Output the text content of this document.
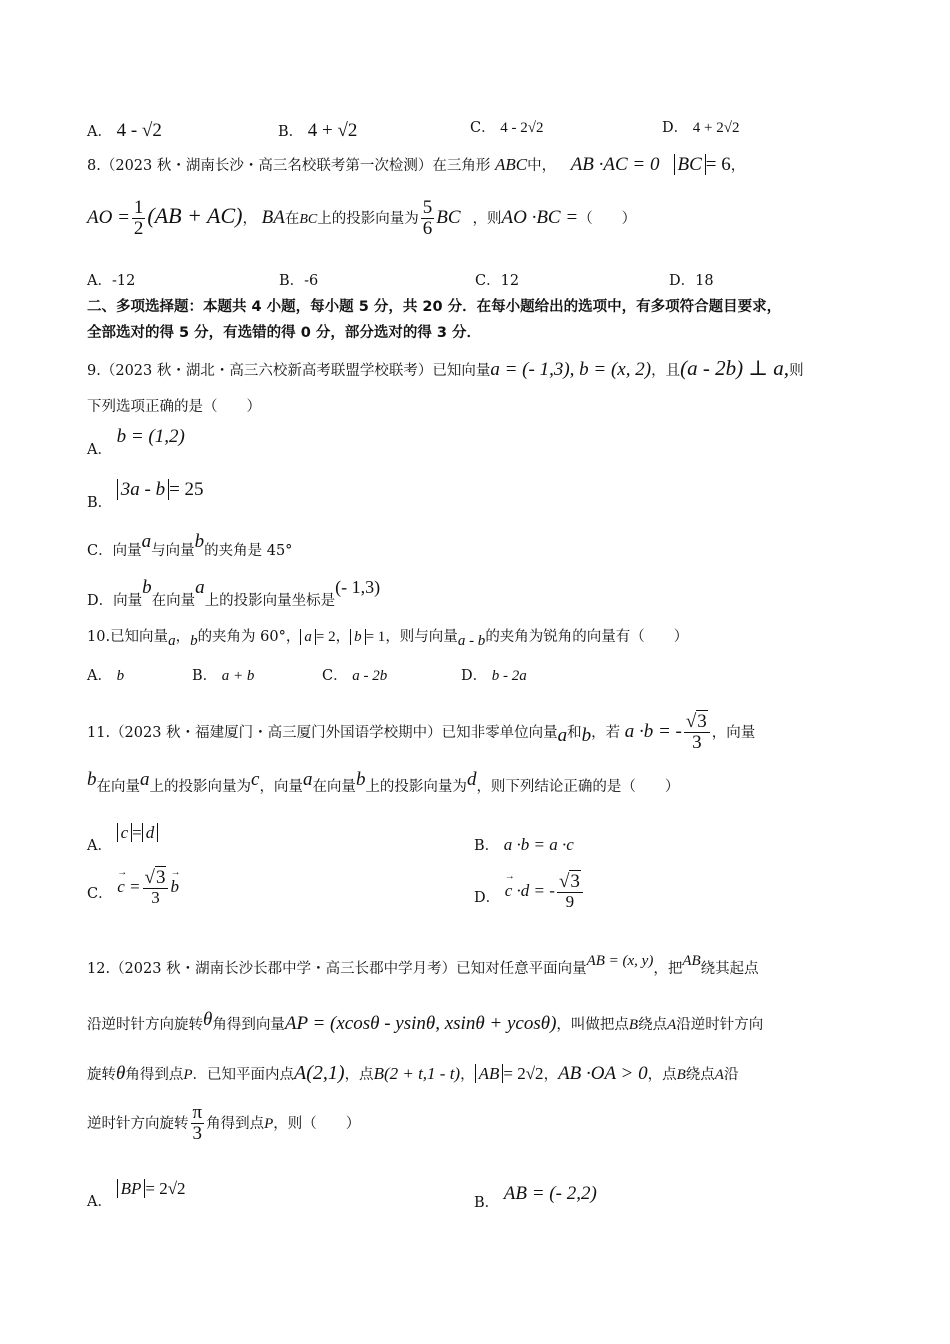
A． 4 - √2	B． 4 + √2	C． 4 - 2√2	D． 4 + 2√2
8.（2023 秋・湖南长沙・高三名校联考第一次检测）在三角形 ABC中， AB ·AC = 0 BC = 6，
AO = $\frac{1}{2} (AB + AC)$， BA在BC上的投影向量为 $\frac{5}{6}$ BC ，则AO ·BC =（　　）
A．-12	B．-6	C．12	D．18
二、多项选择题：本题共 4 小题，每小题 5 分，共 20 分．在每小题给出的选项中，有多项符合题目要求，
全部选对的得 5 分，有选错的得 0 分，部分选对的得 3 分．
9.（2023 秋・湖北・高三六校新高考联盟学校联考）已知向量a = (- 1,3), b = (x, 2)，且(a - 2b) ⊥ a,则
下列选项正确的是（　　）
A． b = (1,2)
B． 3a - b = 25
C．向量a与向量b的夹角是 45°
D．向量b在向量a上的投影向量坐标是(- 1,3)
10.已知向量a，b的夹角为 60°， a = 2， b = 1，则与向量a - b的夹角为锐角的向量有（　　）
A． b	B． a + b	C． a - 2b	D． b - 2a
11.（2023 秋・福建厦门・高三厦门外国语学校期中）已知非零单位向量a和b，若 a ·b = - $\frac{√3}{3}$ ，向量
b在向量a上的投影向量为c，向量a在向量b上的投影向量为d，则下列结论正确的是（　　）
A． c = d
B． a ·b = a ·c
C． → $c = \frac{√3}{3}$
→ b
D． → c ·d = - $\frac{√3}{9}$
12.（2023 秋・湖南长沙长郡中学・高三长郡中学月考）已知对任意平面向量AB = (x, y)，把AB绕其起点
沿逆时针方向旋转θ角得到向量AP = (xcosθ - ysinθ, xsinθ + ycosθ)，叫做把点B绕点A沿逆时针方向
旋转θ角得到点P．已知平面内点A(2,1)，点B(2 + t,1 - t)， AB = 2√2，AB ·OA > 0，点B绕点A沿
逆时针方向旋转 $\frac{\pi}{3}$ 角得到点P，则（　　）
A． BP = 2√2
B． AB = (- 2,2)
